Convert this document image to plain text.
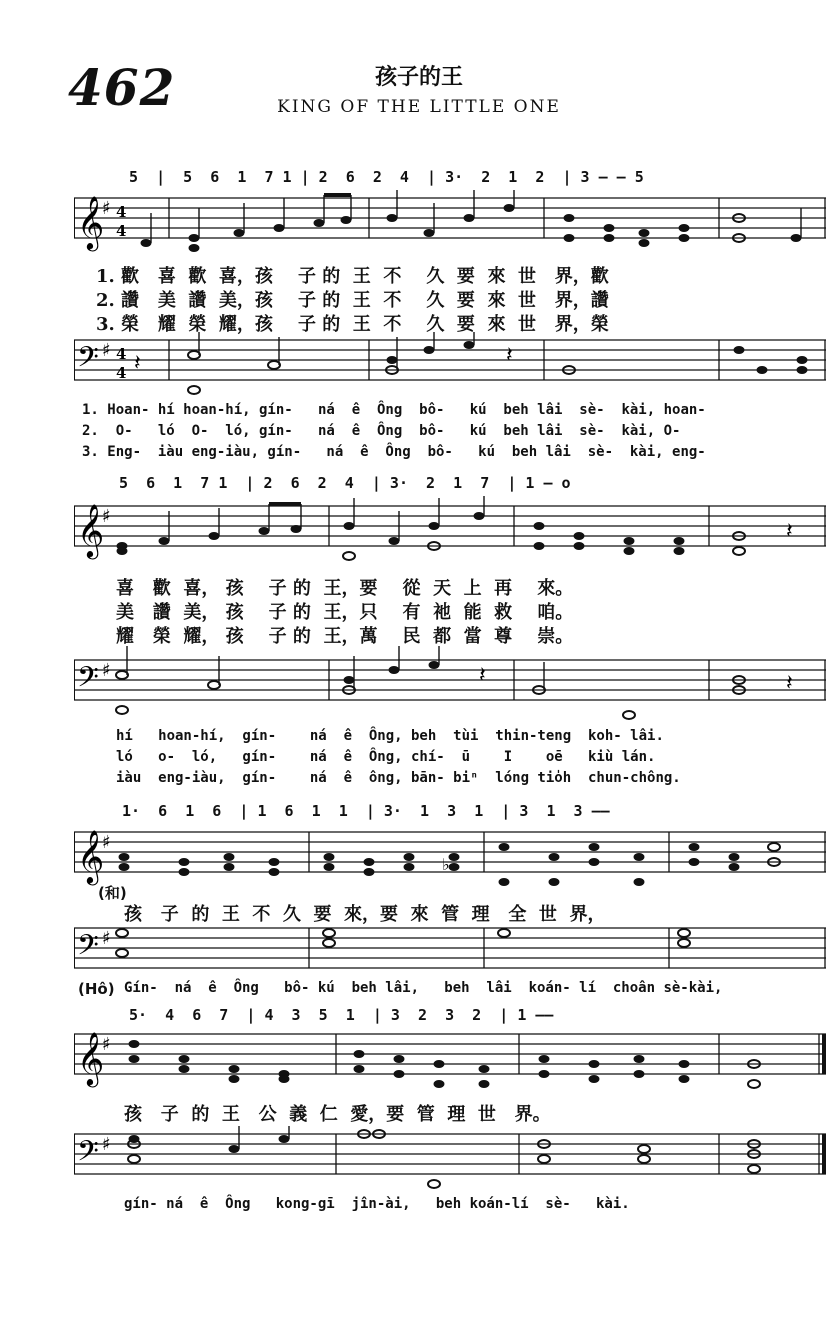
462	孩子的王
KING OF THE LITTLE ONE
5  |  5  6  1  7 1 | 2  6  2  4  | 3·  2  1  2  | 3 — — 5
𝄞
♯ 4
4
1. 歡   喜  歡  喜，孩    子 的  王  不    久  要  來  世   界，歡
2. 讚   美  讚  美，孩    子 的  王  不    久  要  來  世   界，讚
3. 榮   耀  榮  耀，孩    子 的  王  不    久  要  來  世   界，榮
𝄢 ♯ 4
4
𝄽
𝄽
1. Hoan- hí hoan-hí, gín-   ná  ê  Ông  bô-   kú  beh lâi  sè-  kài, hoan-
2.  O-   ló  O-  ló, gín-   ná  ê  Ông  bô-   kú  beh lâi  sè-  kài, O-
3. Eng-  iàu eng-iàu, gín-   ná  ê  Ông  bô-   kú  beh lâi  sè-  kài, eng-
5  6  1  7 1  | 2  6  2  4  | 3·  2  1  7  | 1 — o
𝄞
♯
𝄽
喜   歡  喜， 孩    子 的  王，要    從  天  上  再    來。
美   讚  美， 孩    子 的  王，只    有  祂  能  救    咱。
耀   榮  耀， 孩    子 的  王，萬    民  都  當  尊    崇。
𝄢 ♯	𝄽	𝄽
hí   hoan-hí,  gín-    ná  ê  Ông, beh  tùi  thin-teng  koh- lâi.
ló   o-  ló,   gín-    ná  ê  Ông, chí-  ū    I    oē   kiù lán.
iàu  eng-iàu,  gín-    ná  ê  ông, bān- biⁿ  lóng tio̍h  chun-chông.
1·  6  1  6  | 1  6  1  1  | 3·  1  3  1  | 3  1  3 ——
𝄞
♯
♭
(和)
孩   子  的  王  不  久  要  來，要  來  管  理   全  世  界，
𝄢 ♯
(Hô) Gín-  ná  ê  Ông   bô- kú  beh lâi,   beh  lâi  koán- lí  choân sè-kài,
5·  4  6  7  | 4  3  5  1  | 3  2  3  2  | 1 ——
𝄞
♯
孩   子  的  王   公  義  仁  愛，要  管  理  世   界。
𝄢 ♯
gín- ná  ê  Ông   kong-gī  jîn-ài,   beh koán-lí  sè-   kài.
